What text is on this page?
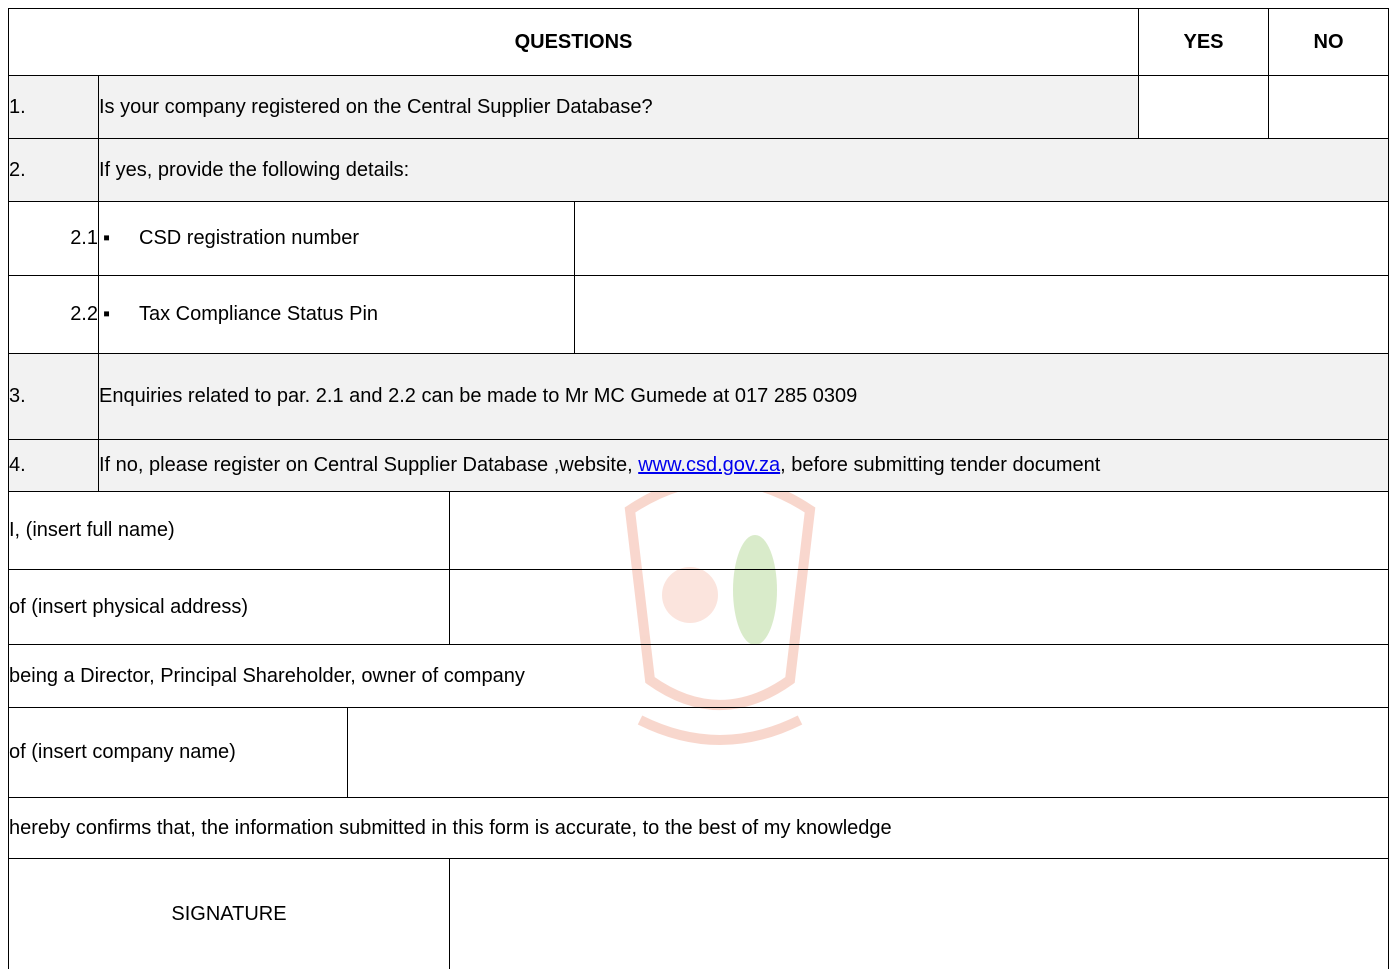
QUESTIONS	YES	NO
1.	Is your company registered on the Central Supplier Database?
2.	If yes, provide the following details:
2.1 ▪	CSD registration number
2.2 ▪	Tax Compliance Status Pin
3.	Enquiries related to par. 2.1 and 2.2 can be made to Mr MC Gumede at 017 285 0309
4.	If no, please register on Central Supplier Database ,website, www.csd.gov.za , before submitting tender document
I, (insert full name)
of (insert physical address)
being a Director, Principal Shareholder, owner of company
of (insert company name)
hereby confirms that, the information submitted in this form is accurate, to the best of my knowledge
SIGNATURE
